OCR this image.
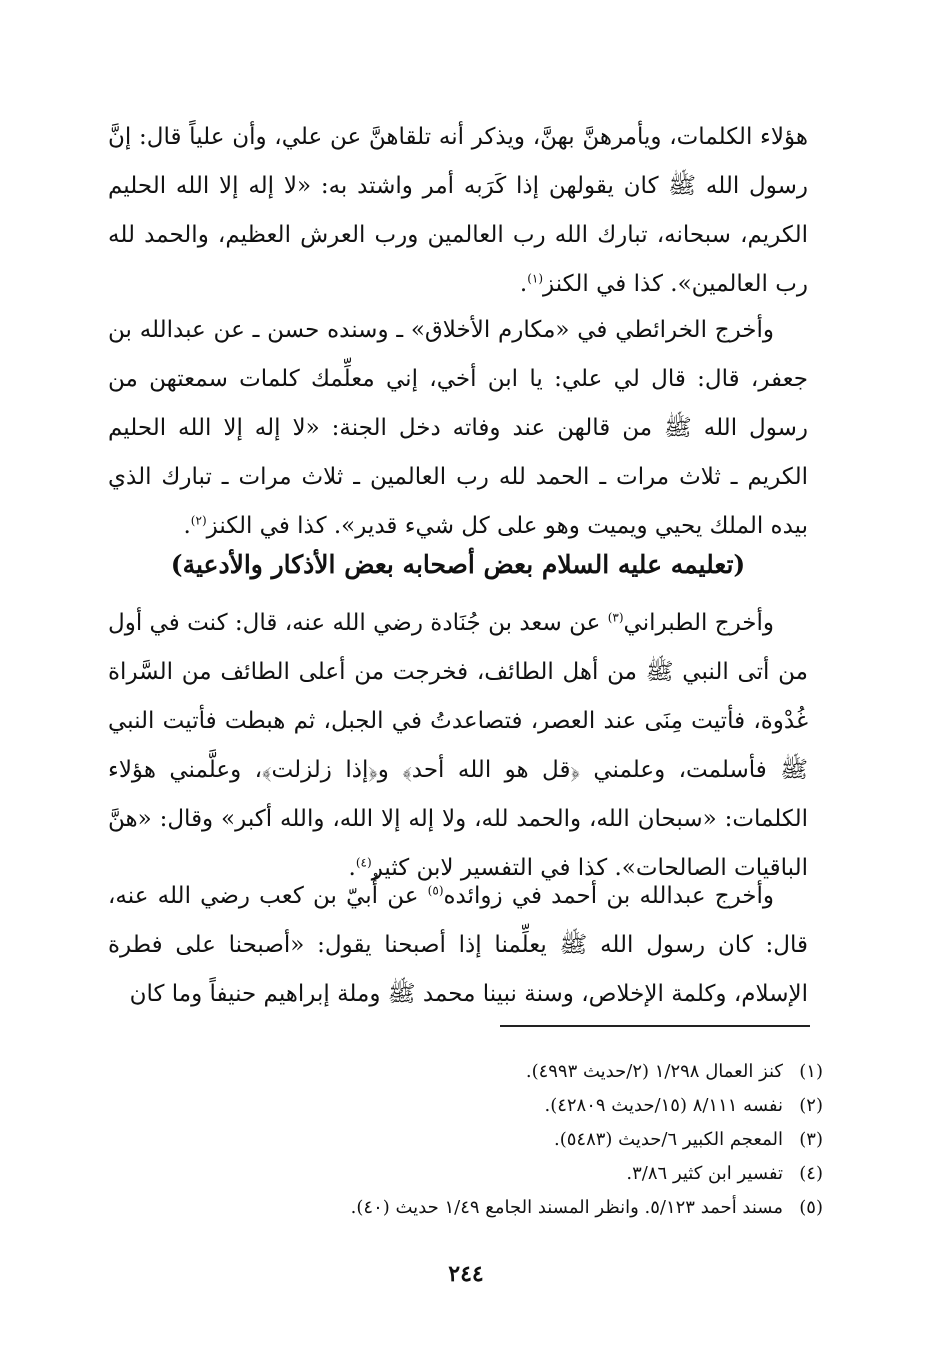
هؤلاء الكلمات، ويأمرهنَّ بهنَّ، ويذكر أنه تلقاهنَّ عن علي، وأن علياً قال: إنَّ رسول الله ﷺ كان يقولهن إذا كَرَبه أمر واشتد به: «لا إله إلا الله الحليم الكريم، سبحانه، تبارك الله رب العالمين ورب العرش العظيم، والحمد لله رب العالمين». كذا في الكنز$^{(١)}$.

وأخرج الخرائطي في «مكارم الأخلاق» ـ وسنده حسن ـ عن عبدالله بن جعفر، قال: قال لي علي: يا ابن أخي، إني معلِّمك كلمات سمعتهن من رسول الله ﷺ من قالهن عند وفاته دخل الجنة: «لا إله إلا الله الحليم الكريم ـ ثلاث مرات ـ الحمد لله رب العالمين ـ ثلاث مرات ـ تبارك الذي بيده الملك يحيي ويميت وهو على كل شيء قدير». كذا في الكنز$^{(٢)}$.

(تعليمه عليه السلام بعض أصحابه بعض الأذكار والأدعية)

وأخرج الطبراني$^{(٣)}$ عن سعد بن جُنَادة رضي الله عنه، قال: كنت في أول من أتى النبي ﷺ من أهل الطائف، فخرجت من أعلى الطائف من السَّراة غُدْوة، فأتيت مِنَى عند العصر، فتصاعدتُ في الجبل، ثم هبطت فأتيت النبي ﷺ فأسلمت، وعلمني ﴿قل هو الله أحد﴾ و﴿إذا زلزلت﴾، وعلَّمني هؤلاء الكلمات: «سبحان الله، والحمد لله، ولا إله إلا الله، والله أكبر» وقال: «هنَّ الباقيات الصالحات». كذا في التفسير لابن كثير$^{(٤)}$.

وأخرج عبدالله بن أحمد في زوائده$^{(٥)}$ عن أُبيّ بن كعب رضي الله عنه، قال: كان رسول الله ﷺ يعلِّمنا إذا أصبحنا يقول: «أصبحنا على فطرة الإسلام، وكلمة الإخلاص، وسنة نبينا محمد ﷺ وملة إبراهيم حنيفاً وما كان

(١)
كنز العمال ١/٢٩٨ (٢/حديث ٤٩٩٣).
(٢)
نفسه ٨/١١١ (١٥/حديث ٤٢٨٠٩).
(٣)
المعجم الكبير ٦/حديث (٥٤٨٣).
(٤)
تفسير ابن كثير ٣/٨٦.
(٥)
مسند أحمد ٥/١٢٣. وانظر المسند الجامع ١/٤٩ حديث (٤٠).
٢٤٤
